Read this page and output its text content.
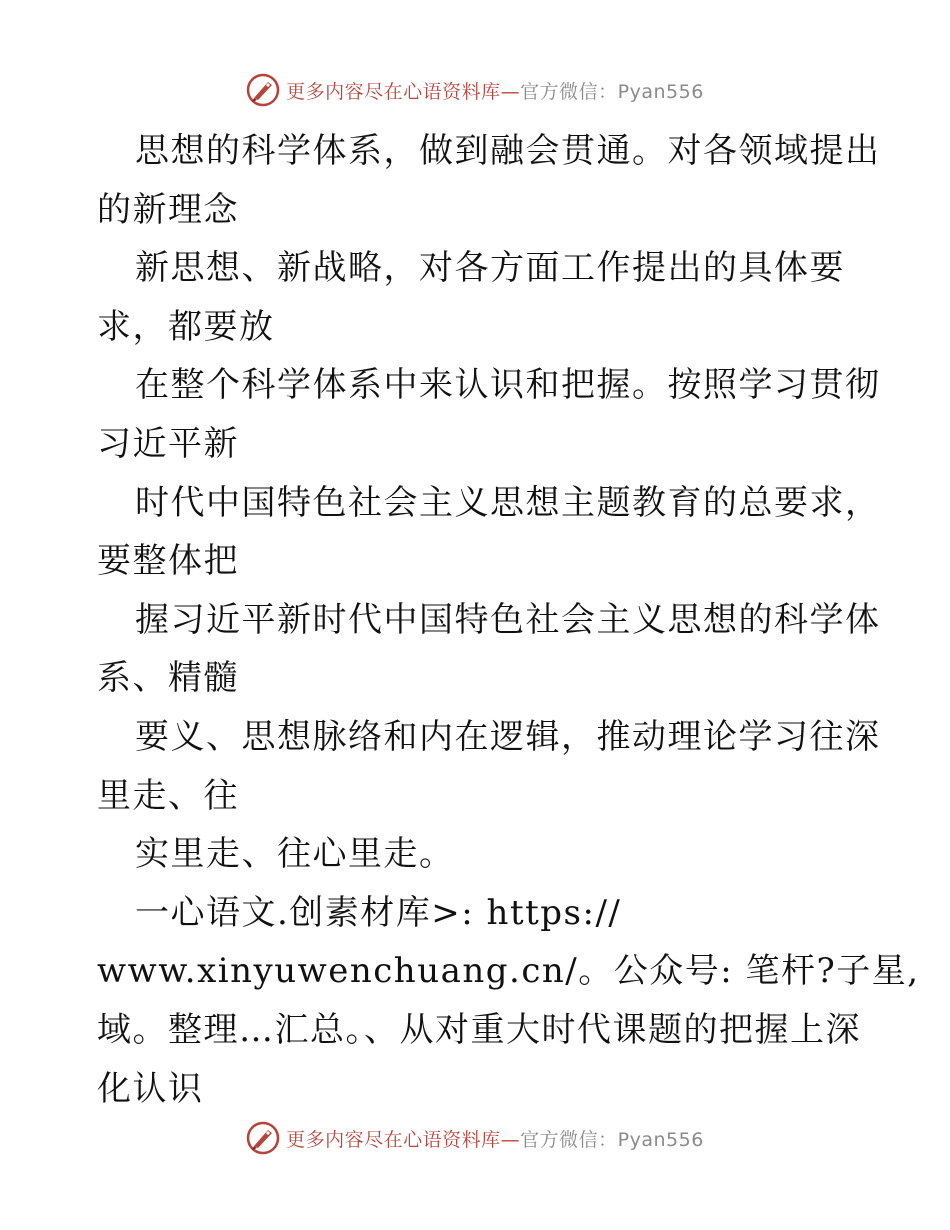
更多内容尽在心语资料库—官方微信：Pyan556
思想的科学体系，做到融会贯通。对各领域提出
的新理念
新思想、新战略，对各方面工作提出的具体要
求，都要放
在整个科学体系中来认识和把握。按照学习贯彻
习近平新
时代中国特色社会主义思想主题教育的总要求，
要整体把
握习近平新时代中国特色社会主义思想的科学体
系、精髓
要义、思想脉络和内在逻辑，推动理论学习往深
里走、往
实里走、往心里走。
一心语文.创素材库>: https://
www.xinyuwenchuang.cn/。公众号: 笔杆?子星,
域。整理…汇总。、从对重大时代课题的把握上深
化认识
更多内容尽在心语资料库—官方微信：Pyan556
